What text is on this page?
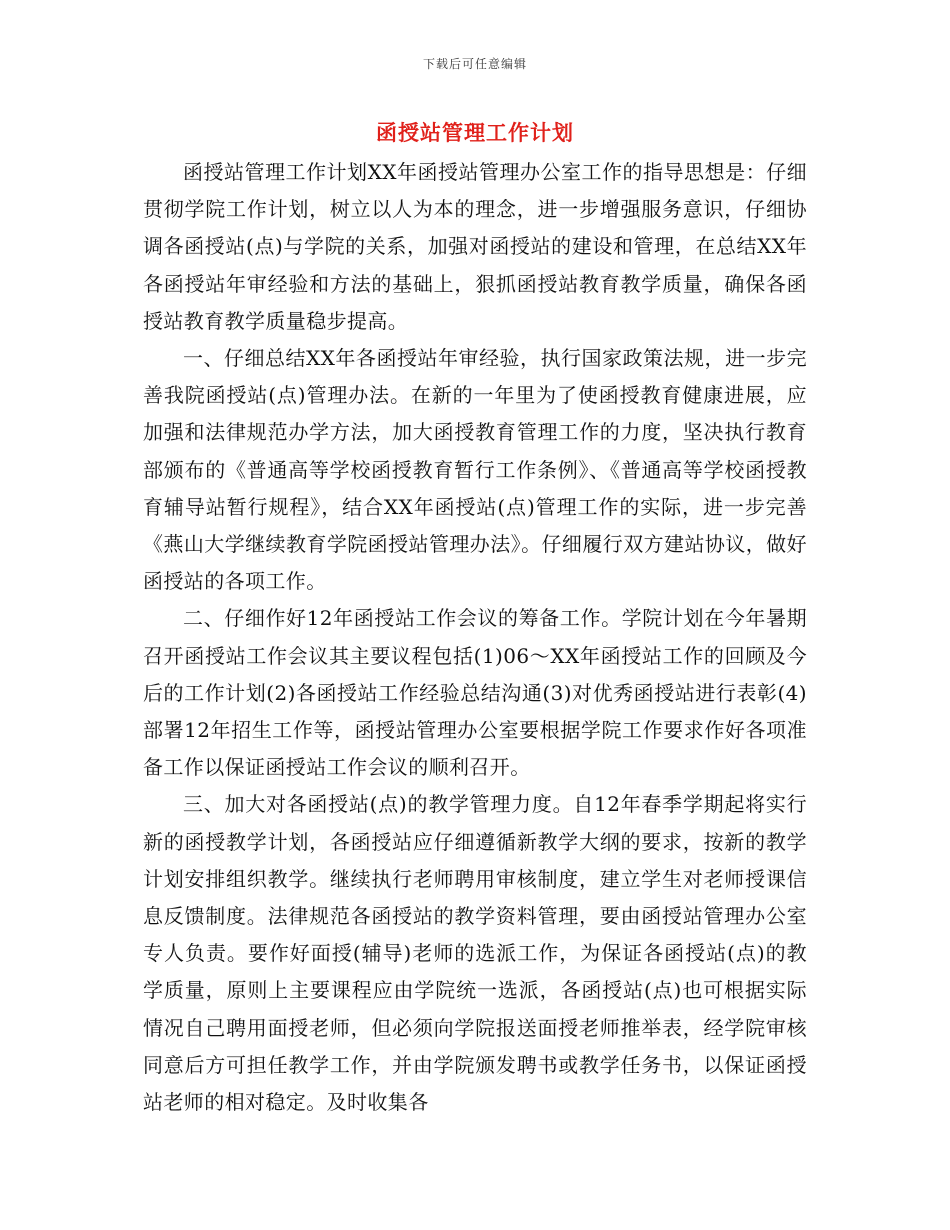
下载后可任意编辑
函授站管理工作计划

函授站管理工作计划XX年函授站管理办公室工作的指导思想是：仔细贯彻学院工作计划，树立以人为本的理念，进一步增强服务意识，仔细协调各函授站(点)与学院的关系，加强对函授站的建设和管理，在总结XX年各函授站年审经验和方法的基础上，狠抓函授站教育教学质量，确保各函授站教育教学质量稳步提高。

一、仔细总结XX年各函授站年审经验，执行国家政策法规，进一步完善我院函授站(点)管理办法。在新的一年里为了使函授教育健康进展，应加强和法律规范办学方法，加大函授教育管理工作的力度，坚决执行教育部颁布的《普通高等学校函授教育暂行工作条例》、《普通高等学校函授教育辅导站暂行规程》，结合XX年函授站(点)管理工作的实际，进一步完善《燕山大学继续教育学院函授站管理办法》。仔细履行双方建站协议，做好函授站的各项工作。

二、仔细作好12年函授站工作会议的筹备工作。学院计划在今年暑期召开函授站工作会议其主要议程包括(1)06～XX年函授站工作的回顾及今后的工作计划(2)各函授站工作经验总结沟通(3)对优秀函授站进行表彰(4)部署12年招生工作等，函授站管理办公室要根据学院工作要求作好各项准备工作以保证函授站工作会议的顺利召开。

三、加大对各函授站(点)的教学管理力度。自12年春季学期起将实行新的函授教学计划，各函授站应仔细遵循新教学大纲的要求，按新的教学计划安排组织教学。继续执行老师聘用审核制度，建立学生对老师授课信息反馈制度。法律规范各函授站的教学资料管理，要由函授站管理办公室专人负责。要作好面授(辅导)老师的选派工作，为保证各函授站(点)的教学质量，原则上主要课程应由学院统一选派，各函授站(点)也可根据实际情况自己聘用面授老师，但必须向学院报送面授老师推举表，经学院审核同意后方可担任教学工作，并由学院颁发聘书或教学任务书，以保证函授站老师的相对稳定。及时收集各
